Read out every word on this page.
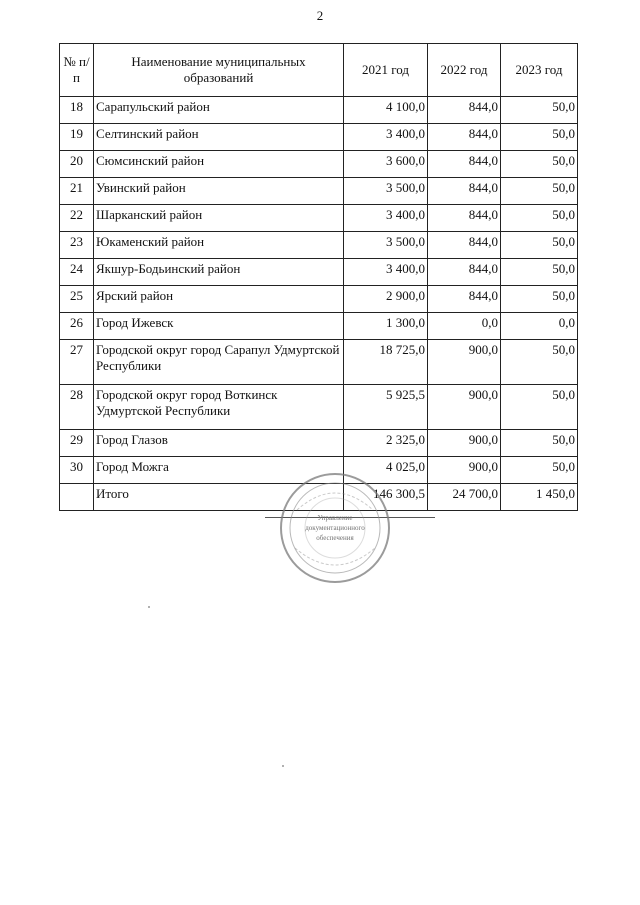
2
№ п/п	Наименование муниципальных образований	2021 год	2022 год	2023 год
18	Сарапульский район	4 100,0	844,0	50,0
19	Селтинский район	3 400,0	844,0	50,0
20	Сюмсинский район	3 600,0	844,0	50,0
21	Увинский район	3 500,0	844,0	50,0
22	Шарканский район	3 400,0	844,0	50,0
23	Юкаменский район	3 500,0	844,0	50,0
24	Якшур-Бодьинский район	3 400,0	844,0	50,0
25	Ярский район	2 900,0	844,0	50,0
26	Город Ижевск	1 300,0	0,0	0,0
27	Городской округ город Сарапул Удмуртской Республики	18 725,0	900,0	50,0
28	Городской округ город Воткинск Удмуртской Республики	5 925,5	900,0	50,0
29	Город Глазов	2 325,0	900,0	50,0
30	Город Можга	4 025,0	900,0	50,0
	Итого	146 300,5	24 700,0	1 450,0
Управление
документационного
обеспечения
